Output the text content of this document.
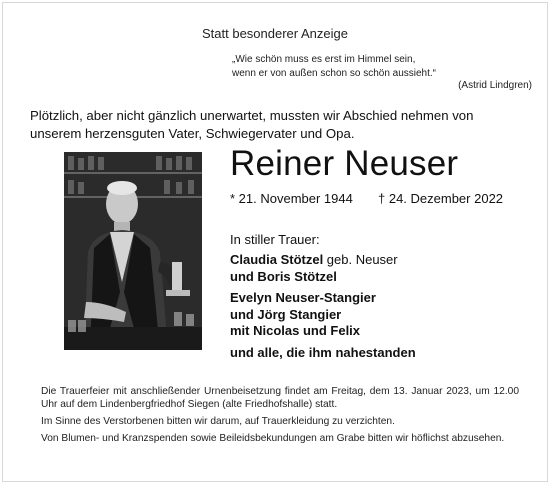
Statt besonderer Anzeige
„Wie schön muss es erst im Himmel sein,
wenn er von außen schon so schön aussieht.“
(Astrid Lindgren)
Plötzlich, aber nicht gänzlich unerwartet, mussten wir Abschied nehmen von
unserem herzensguten Vater, Schwiegervater und Opa.
Reiner Neuser
* 21. November 1944 † 24. Dezember 2022
In stiller Trauer:
Claudia Stötzel geb. Neuser
und Boris Stötzel
Evelyn Neuser-Stangier
und Jörg Stangier
mit Nicolas und Felix
und alle, die ihm nahestanden

Die Trauerfeier mit anschließender Urnenbeisetzung findet am Freitag, dem 13. Januar 2023, um 12.00 Uhr auf dem Lindenbergfriedhof Siegen (alte Friedhofshalle) statt.

Im Sinne des Verstorbenen bitten wir darum, auf Trauerkleidung zu verzichten.

Von Blumen- und Kranzspenden sowie Beileidsbekundungen am Grabe bitten wir höflichst abzusehen.
